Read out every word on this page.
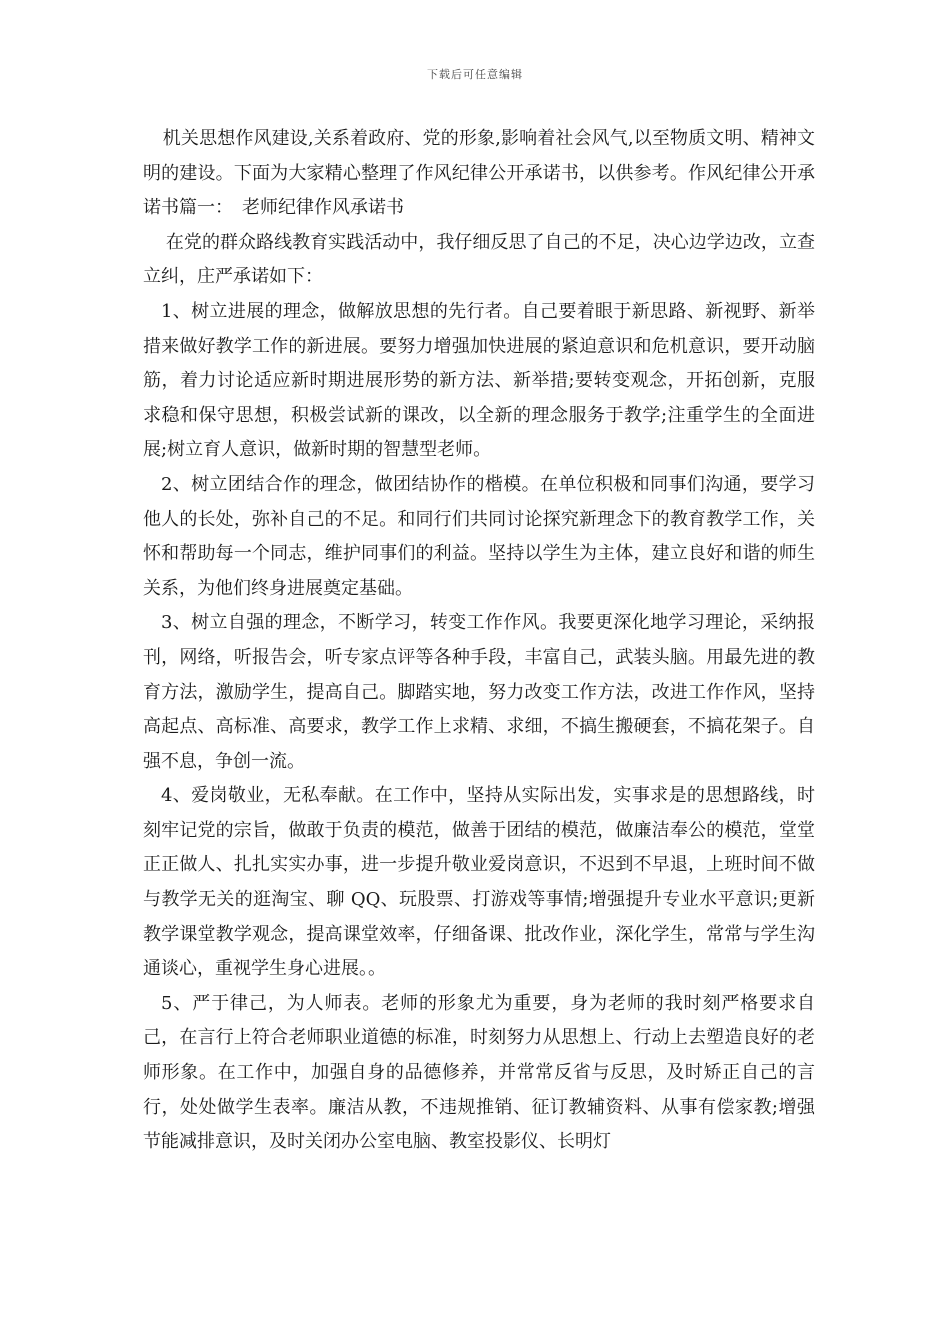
下载后可任意编辑

机关思想作风建设,关系着政府、党的形象,影响着社会风气,以至物质文明、精神文明的建设。下面为大家精心整理了作风纪律公开承诺书，以供参考。作风纪律公开承诺书篇一：　老师纪律作风承诺书

在党的群众路线教育实践活动中，我仔细反思了自己的不足，决心边学边改，立查立纠，庄严承诺如下：

1、树立进展的理念，做解放思想的先行者。自己要着眼于新思路、新视野、新举措来做好教学工作的新进展。要努力增强加快进展的紧迫意识和危机意识，要开动脑筋，着力讨论适应新时期进展形势的新方法、新举措;要转变观念，开拓创新，克服求稳和保守思想，积极尝试新的课改，以全新的理念服务于教学;注重学生的全面进展;树立育人意识，做新时期的智慧型老师。

2、树立团结合作的理念，做团结协作的楷模。在单位积极和同事们沟通，要学习他人的长处，弥补自己的不足。和同行们共同讨论探究新理念下的教育教学工作，关怀和帮助每一个同志，维护同事们的利益。坚持以学生为主体，建立良好和谐的师生关系，为他们终身进展奠定基础。

3、树立自强的理念，不断学习，转变工作作风。我要更深化地学习理论，采纳报刊，网络，听报告会，听专家点评等各种手段，丰富自己，武装头脑。用最先进的教育方法，激励学生，提高自己。脚踏实地，努力改变工作方法，改进工作作风，坚持高起点、高标准、高要求，教学工作上求精、求细，不搞生搬硬套，不搞花架子。自强不息，争创一流。

4、爱岗敬业，无私奉献。在工作中，坚持从实际出发，实事求是的思想路线，时刻牢记党的宗旨，做敢于负责的模范，做善于团结的模范，做廉洁奉公的模范，堂堂正正做人、扎扎实实办事，进一步提升敬业爱岗意识，不迟到不早退，上班时间不做与教学无关的逛淘宝、聊 QQ、玩股票、打游戏等事情;增强提升专业水平意识;更新教学课堂教学观念，提高课堂效率，仔细备课、批改作业，深化学生，常常与学生沟通谈心，重视学生身心进展。。

5、严于律己，为人师表。老师的形象尤为重要，身为老师的我时刻严格要求自己，在言行上符合老师职业道德的标准，时刻努力从思想上、行动上去塑造良好的老师形象。在工作中，加强自身的品德修养，并常常反省与反思，及时矫正自己的言行，处处做学生表率。廉洁从教，不违规推销、征订教辅资料、从事有偿家教;增强节能减排意识，及时关闭办公室电脑、教室投影仪、长明灯
